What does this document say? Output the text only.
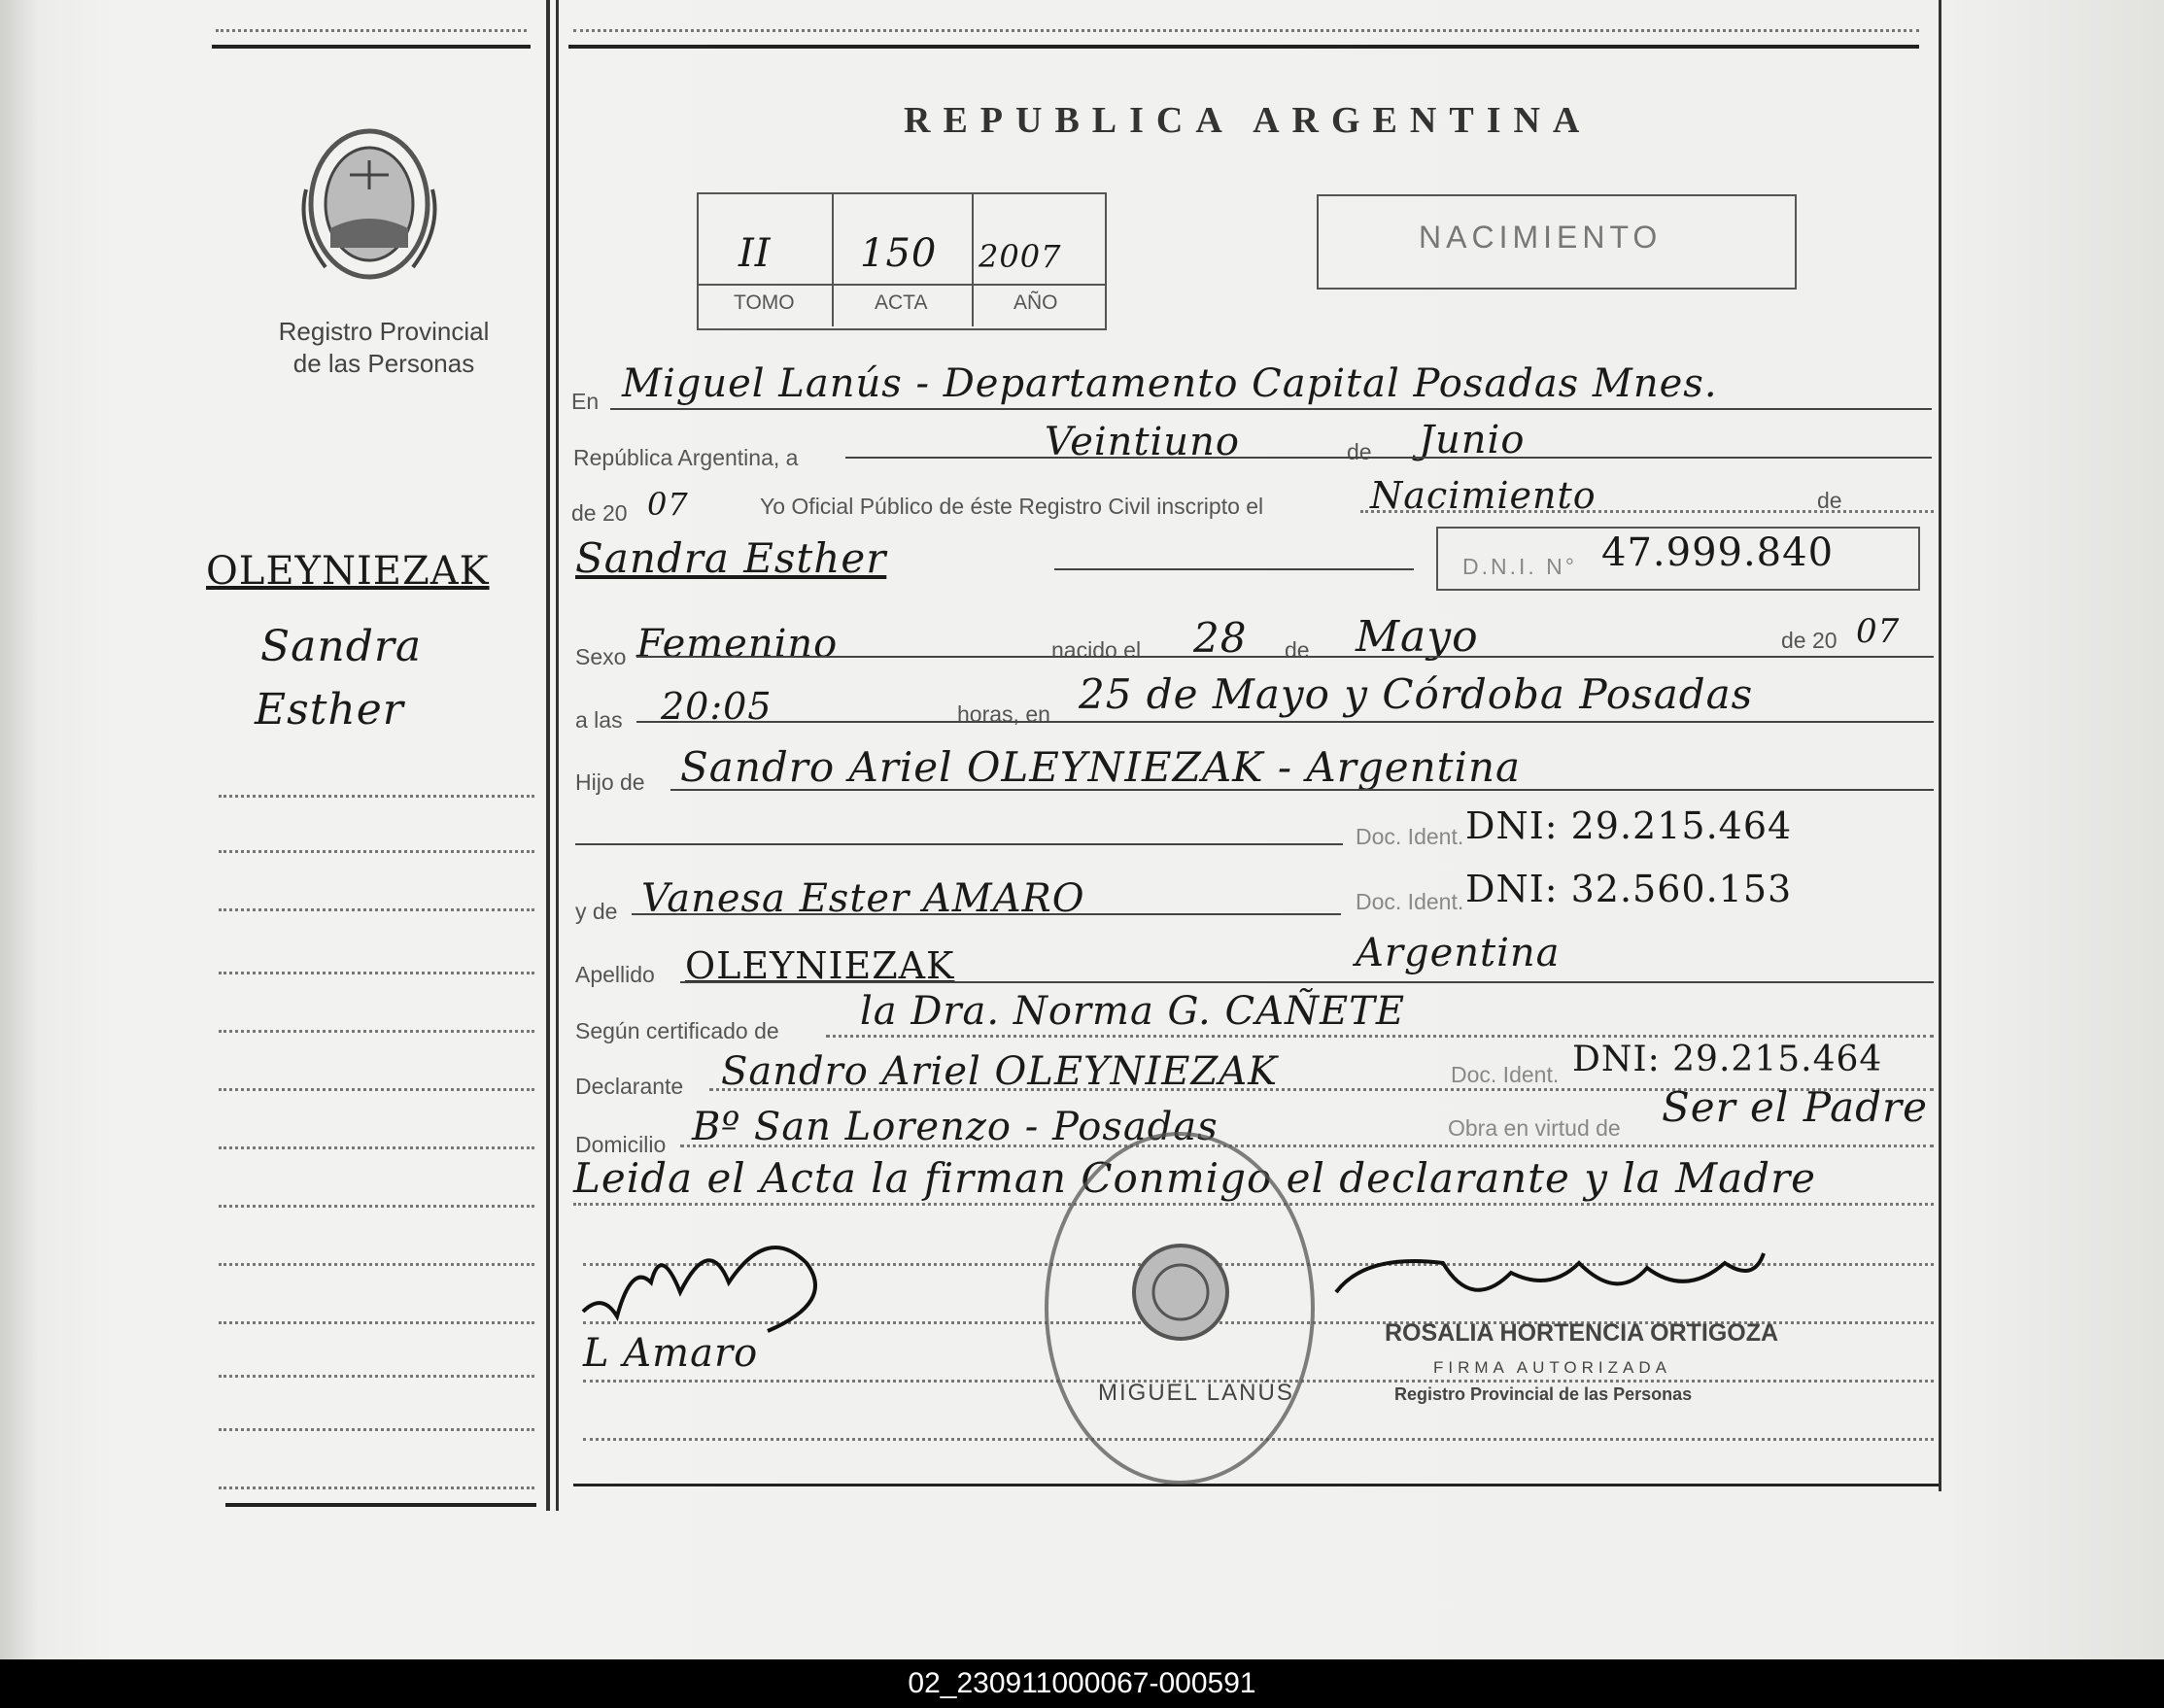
Registro Provincial
de las Personas
REPUBLICA ARGENTINA
II 150 2007
TOMO	ACTA	AÑO
NACIMIENTO
OLEYNIEZAK
Sandra
Esther
En Miguel Lanús - Departamento Capital Posadas Mnes.
República Argentina, a	Veintiuno	de Junio
de 20 07	Yo Oficial Público de éste Registro Civil inscripto el	Nacimiento	de
Sandra Esther	D.N.I. N° 47.999.840
Sexo Femenino	nacido el 28 de Mayo	de 20 07
a las 20:05	horas, en 25 de Mayo y Córdoba Posadas
Hijo de Sandro Ariel OLEYNIEZAK - Argentina
Doc. Ident. DNI: 29.215.464
y de Vanesa Ester AMARO	Doc. Ident. DNI: 32.560.153
Apellido OLEYNIEZAK	Argentina
Según certificado de la Dra. Norma G. CAÑETE
Declarante Sandro Ariel OLEYNIEZAK	Doc. Ident. DNI: 29.215.464
Domicilio Bº San Lorenzo - Posadas	Obra en virtud de Ser el Padre
Leida el Acta la firman Conmigo el declarante y la Madre
L Amaro
MIGUEL LANÚS
ROSALIA HORTENCIA ORTIGOZA
FIRMA AUTORIZADA
Registro Provincial de las Personas
02_230911000067-000591
